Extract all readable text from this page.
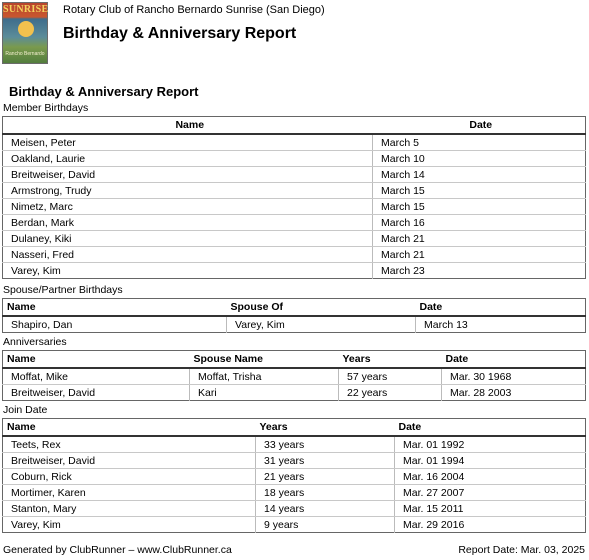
SUNRISE
Rancho Bernardo
Rotary Club of Rancho Bernardo Sunrise (San Diego)
Birthday & Anniversary Report
Birthday & Anniversary Report
Member Birthdays
Name	Date
Meisen, Peter	March 5
Oakland, Laurie	March 10
Breitweiser, David	March 14
Armstrong, Trudy	March 15
Nimetz, Marc	March 15
Berdan, Mark	March 16
Dulaney, Kiki	March 21
Nasseri, Fred	March 21
Varey, Kim	March 23
Spouse/Partner Birthdays
Name	Spouse Of	Date
Shapiro, Dan	Varey, Kim	March 13
Anniversaries
Name	Spouse Name	Years	Date
Moffat, Mike	Moffat, Trisha	57 years	Mar. 30 1968
Breitweiser, David	Kari	22 years	Mar. 28 2003
Join Date
Name	Years	Date
Teets, Rex	33 years	Mar. 01 1992
Breitweiser, David	31 years	Mar. 01 1994
Coburn, Rick	21 years	Mar. 16 2004
Mortimer, Karen	18 years	Mar. 27 2007
Stanton, Mary	14 years	Mar. 15 2011
Varey, Kim	9 years	Mar. 29 2016
Generated by ClubRunner – www.ClubRunner.ca	Report Date: Mar. 03, 2025
